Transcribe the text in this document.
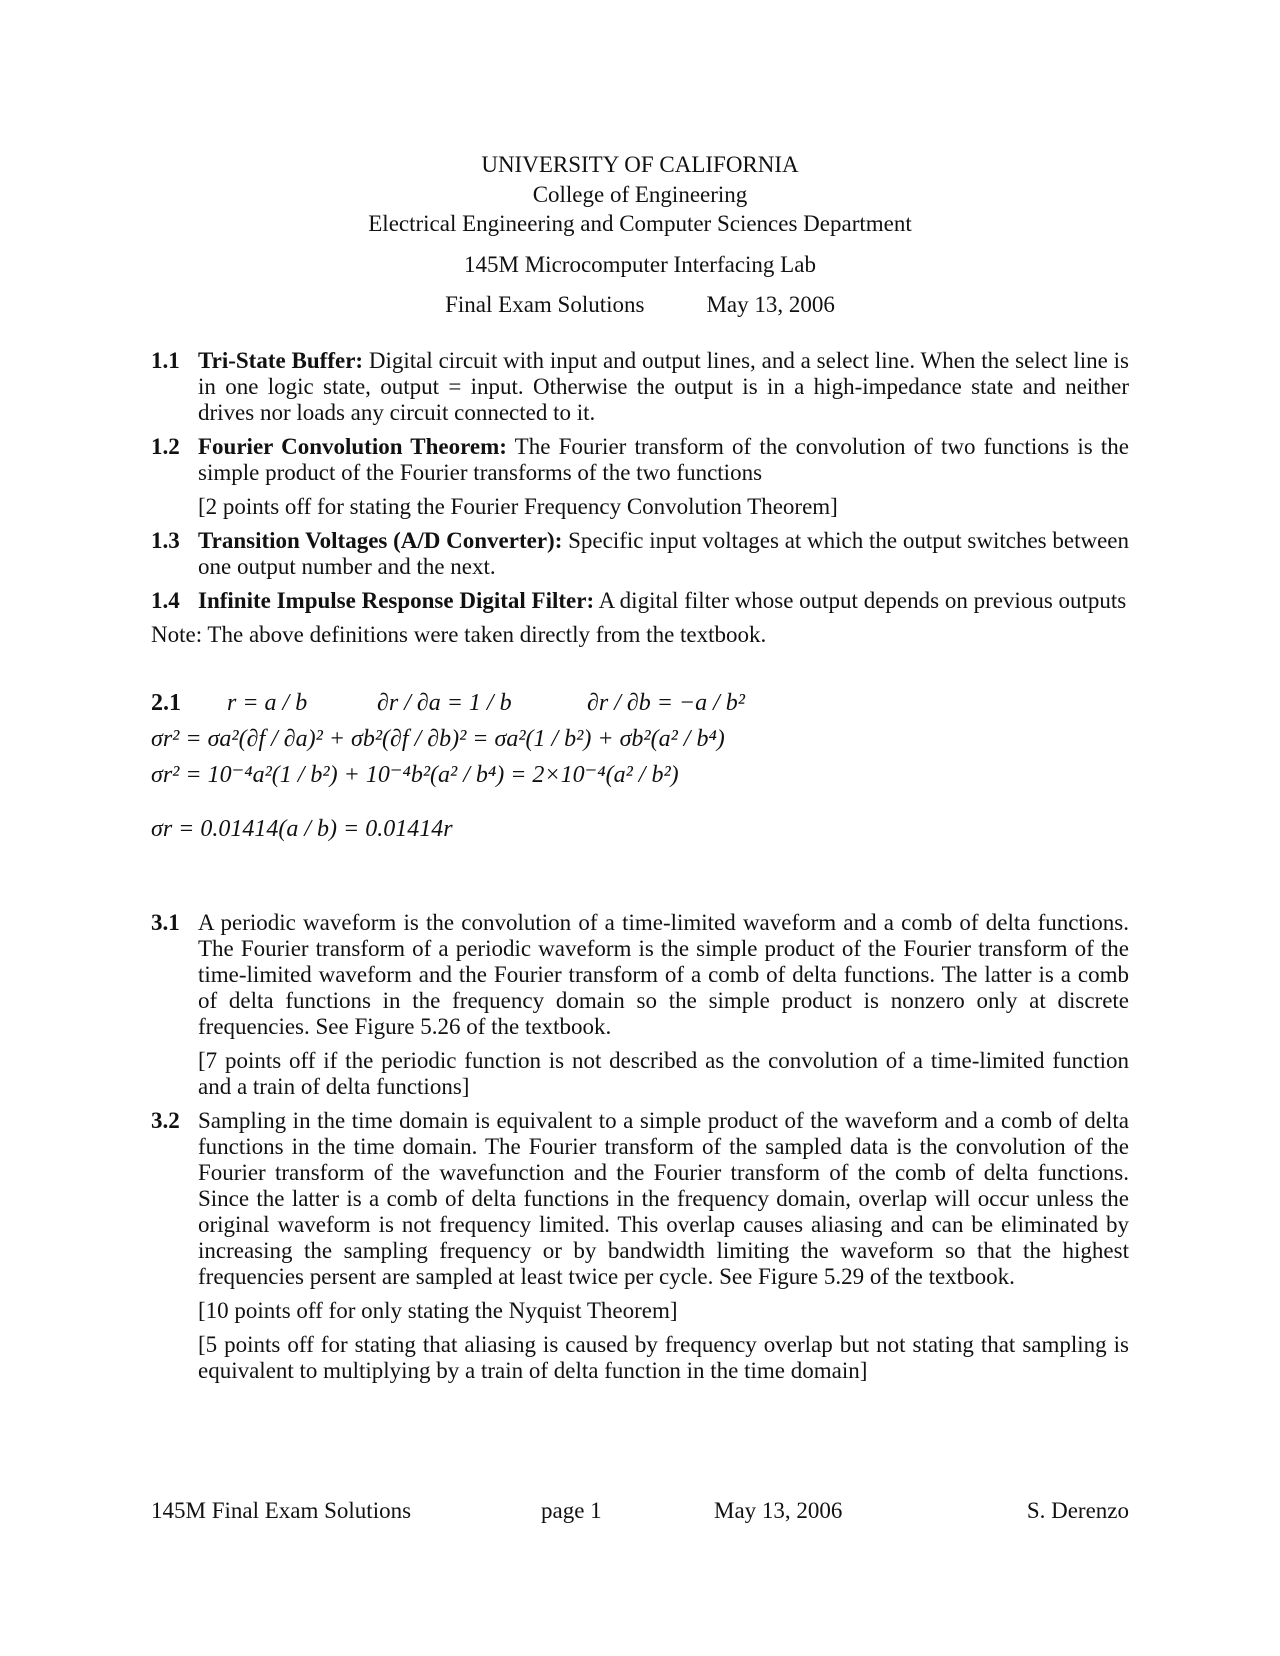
UNIVERSITY OF CALIFORNIA
College of Engineering
Electrical Engineering and Computer Sciences Department
145M Microcomputer Interfacing Lab
Final Exam Solutions	May 13, 2006
1.1 Tri-State Buffer: Digital circuit with input and output lines, and a select line. When the select line is in one logic state, output = input. Otherwise the output is in a high-impedance state and neither drives nor loads any circuit connected to it.
1.2 Fourier Convolution Theorem: The Fourier transform of the convolution of two functions is the simple product of the Fourier transforms of the two functions
[2 points off for stating the Fourier Frequency Convolution Theorem]
1.3 Transition Voltages (A/D Converter): Specific input voltages at which the output switches between one output number and the next.
1.4 Infinite Impulse Response Digital Filter: A digital filter whose output depends on previous outputs
Note: The above definitions were taken directly from the textbook.
2.1	r = a / b	∂r / ∂a = 1 / b	∂r / ∂b = −a / b²
σr² = σa²(∂f / ∂a)² + σb²(∂f / ∂b)² = σa²(1 / b²) + σb²(a² / b⁴)
σr² = 10⁻⁴a²(1 / b²) + 10⁻⁴b²(a² / b⁴) = 2×10⁻⁴(a² / b²)
σr = 0.01414(a / b) = 0.01414r
3.1 A periodic waveform is the convolution of a time-limited waveform and a comb of delta functions. The Fourier transform of a periodic waveform is the simple product of the Fourier transform of the time-limited waveform and the Fourier transform of a comb of delta functions. The latter is a comb of delta functions in the frequency domain so the simple product is nonzero only at discrete frequencies. See Figure 5.26 of the textbook.
[7 points off if the periodic function is not described as the convolution of a time-limited function and a train of delta functions]
3.2 Sampling in the time domain is equivalent to a simple product of the waveform and a comb of delta functions in the time domain. The Fourier transform of the sampled data is the convolution of the Fourier transform of the wavefunction and the Fourier transform of the comb of delta functions. Since the latter is a comb of delta functions in the frequency domain, overlap will occur unless the original waveform is not frequency limited. This overlap causes aliasing and can be eliminated by increasing the sampling frequency or by bandwidth limiting the waveform so that the highest frequencies persent are sampled at least twice per cycle. See Figure 5.29 of the textbook.
[10 points off for only stating the Nyquist Theorem]
[5 points off for stating that aliasing is caused by frequency overlap but not stating that sampling is equivalent to multiplying by a train of delta function in the time domain]
145M Final Exam Solutions	page 1	May 13, 2006	S. Derenzo
